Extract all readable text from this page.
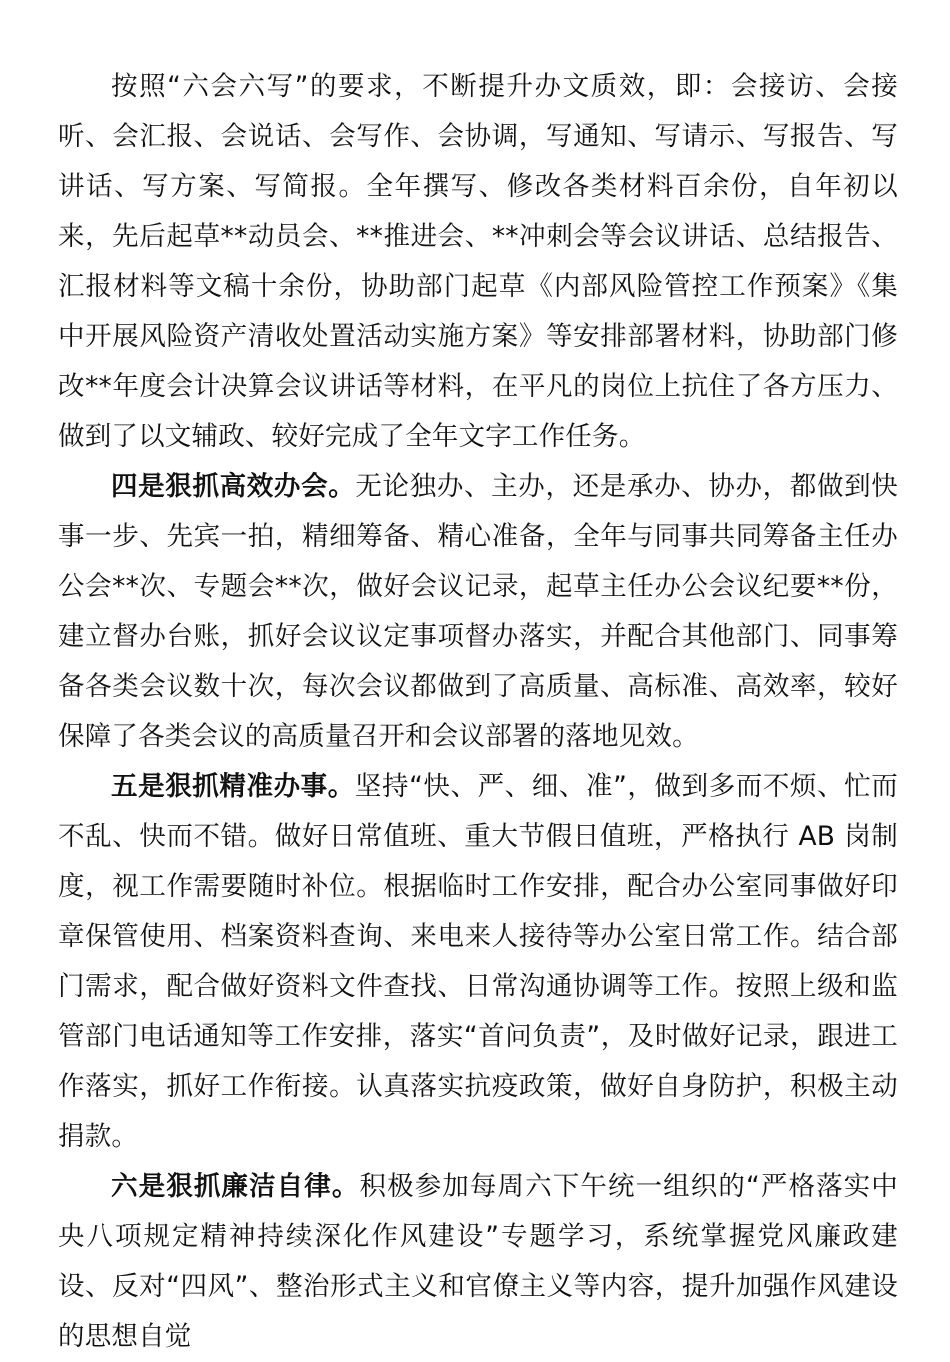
按照“六会六写”的要求，不断提升办文质效，即：会接访、会接听、会汇报、会说话、会写作、会协调，写通知、写请示、写报告、写讲话、写方案、写简报。全年撰写、修改各类材料百余份，自年初以来，先后起草**动员会、**推进会、**冲刺会等会议讲话、总结报告、汇报材料等文稿十余份，协助部门起草《内部风险管控工作预案》《集中开展风险资产清收处置活动实施方案》等安排部署材料，协助部门修改**年度会计决算会议讲话等材料，在平凡的岗位上抗住了各方压力、做到了以文辅政、较好完成了全年文字工作任务。

四是狠抓高效办会。无论独办、主办，还是承办、协办，都做到快事一步、先宾一拍，精细筹备、精心准备，全年与同事共同筹备主任办公会**次、专题会**次，做好会议记录，起草主任办公会议纪要**份，建立督办台账，抓好会议议定事项督办落实，并配合其他部门、同事筹备各类会议数十次，每次会议都做到了高质量、高标准、高效率，较好保障了各类会议的高质量召开和会议部署的落地见效。

五是狠抓精准办事。坚持“快、严、细、准”，做到多而不烦、忙而不乱、快而不错。做好日常值班、重大节假日值班，严格执行 AB 岗制度，视工作需要随时补位。根据临时工作安排，配合办公室同事做好印章保管使用、档案资料查询、来电来人接待等办公室日常工作。结合部门需求，配合做好资料文件查找、日常沟通协调等工作。按照上级和监管部门电话通知等工作安排，落实“首问负责”，及时做好记录，跟进工作落实，抓好工作衔接。认真落实抗疫政策，做好自身防护，积极主动捐款。

六是狠抓廉洁自律。积极参加每周六下午统一组织的“严格落实中央八项规定精神持续深化作风建设”专题学习，系统掌握党风廉政建设、反对“四风”、整治形式主义和官僚主义等内容，提升加强作风建设的思想自觉
